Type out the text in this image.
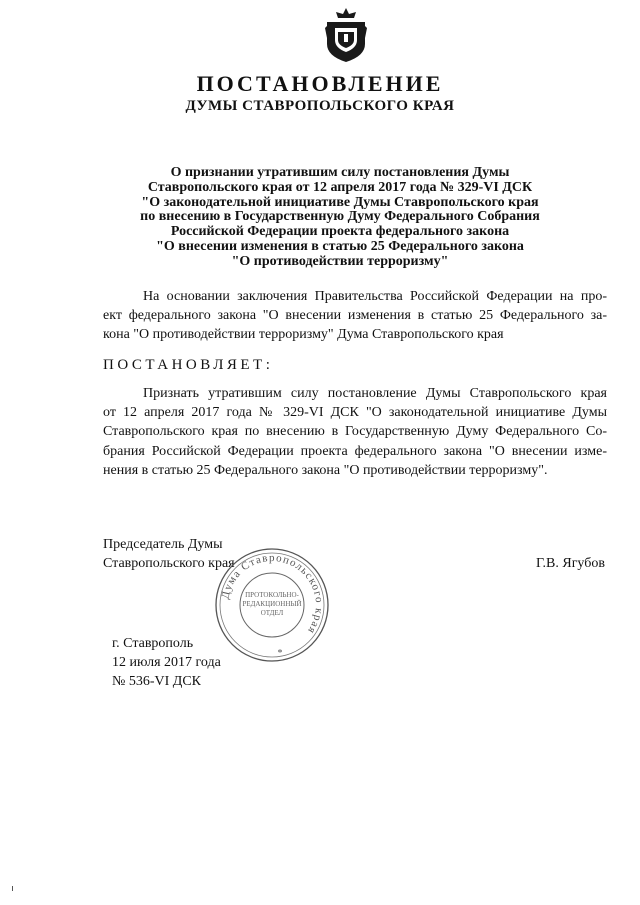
ПОСТАНОВЛЕНИЕ
ДУМЫ СТАВРОПОЛЬСКОГО КРАЯ
О признании утратившим силу постановления Думы
Ставропольского края от 12 апреля 2017 года № 329-VI ДСК
"О законодательной инициативе Думы Ставропольского края
по внесению в Государственную Думу Федерального Собрания
Российской Федерации проекта федерального закона
"О внесении изменения в статью 25 Федерального закона
"О противодействии терроризму"
На основании заключения Правительства Российской Федерации на про-
ект федерального закона "О внесении изменения в статью 25 Федерального за-
кона "О противодействии терроризму" Дума Ставропольского края
ПОСТАНОВЛЯЕТ:
Признать утратившим силу постановление Думы Ставропольского края
от 12 апреля 2017 года № 329-VI ДСК "О законодательной инициативе Думы
Ставропольского края по внесению в Государственную Думу Федерального Со-
брания Российской Федерации проекта федерального закона "О внесении изме-
нения в статью 25 Федерального закона "О противодействии терроризму".
Председатель Думы
Ставропольского края	Г.В. Ягубов
Дума Ставропольского края
ПРОТОКОЛЬНО-
РЕДАКЦИОННЫЙ
ОТДЕЛ
*
г. Ставрополь
12 июля 2017 года
№ 536-VI ДСК
